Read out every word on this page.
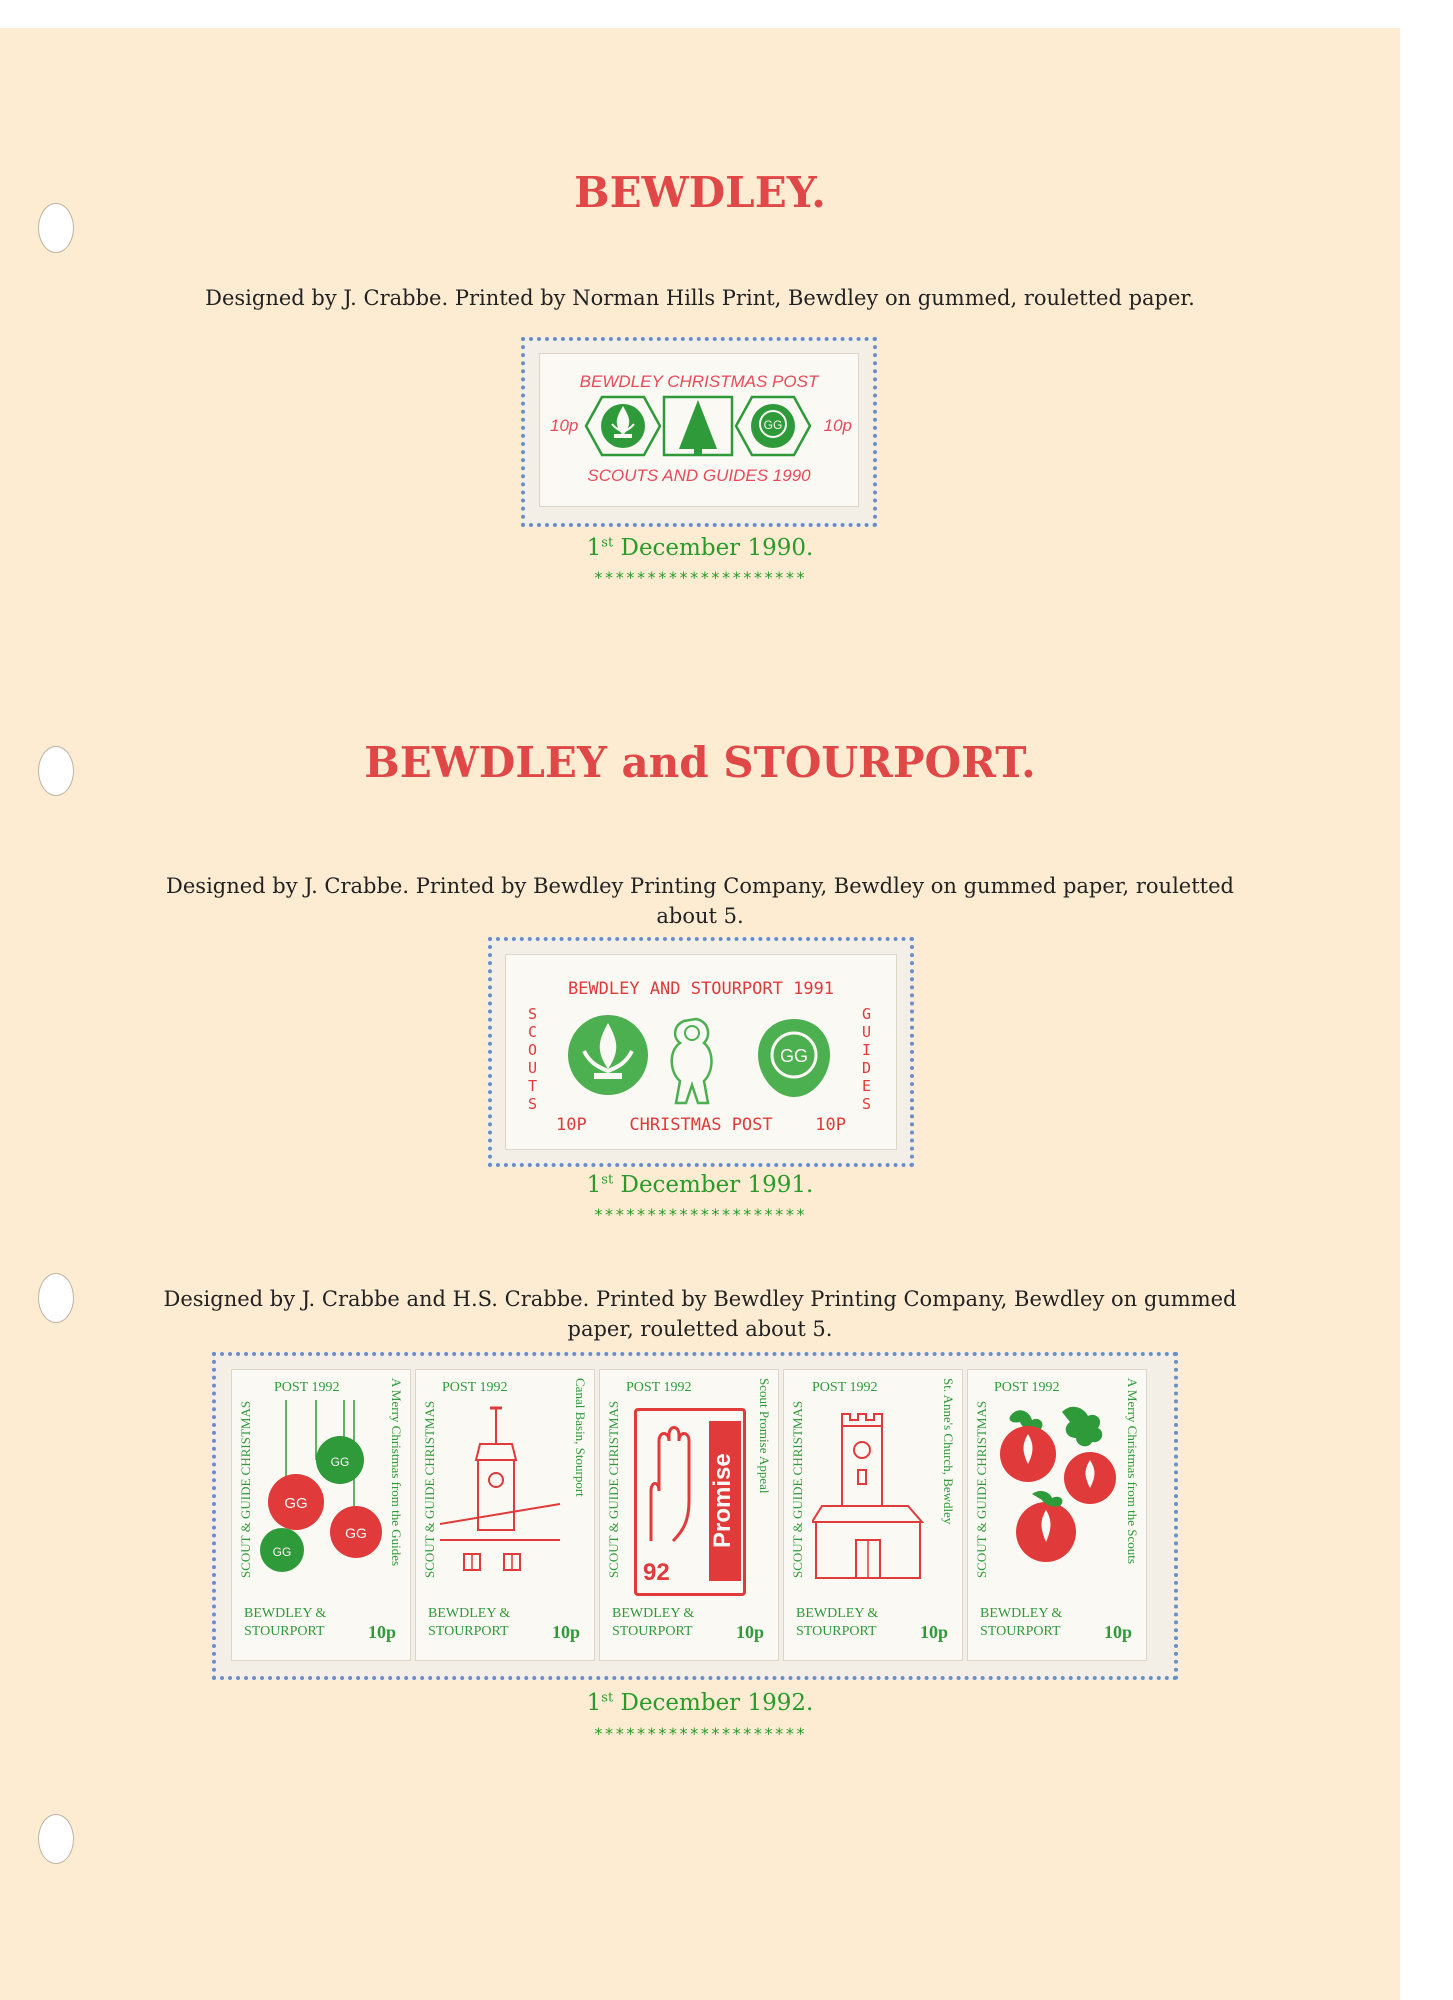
BEWDLEY.
Designed by J. Crabbe. Printed by Norman Hills Print, Bewdley on gummed, rouletted paper.
BEWDLEY CHRISTMAS POST
10p	10p
GG
SCOUTS AND GUIDES 1990
1st December 1990.
********************
BEWDLEY and STOURPORT.
Designed by J. Crabbe. Printed by Bewdley Printing Company, Bewdley on gummed paper, rouletted about 5.
BEWDLEY AND STOURPORT 1991
SCOUTS
GUIDES
GG
10P	CHRISTMAS POST	10P
1st December 1991.
********************
Designed by J. Crabbe and H.S. Crabbe. Printed by Bewdley Printing Company, Bewdley on gummed paper, rouletted about 5.
POST 1992
SCOUT & GUIDE CHRISTMAS	A Merry Christmas from the Guides
GG
GG
GG
GG
BEWDLEY &
STOURPORT 10p
POST 1992
SCOUT & GUIDE CHRISTMAS	Canal Basin, Stourport
BEWDLEY &
STOURPORT 10p
POST 1992
SCOUT & GUIDE CHRISTMAS	Scout Promise Appeal
Promise
92
BEWDLEY &
STOURPORT 10p
POST 1992
SCOUT & GUIDE CHRISTMAS	St. Anne's Church, Bewdley
BEWDLEY &
STOURPORT 10p
POST 1992
SCOUT & GUIDE CHRISTMAS	A Merry Christmas from the Scouts
BEWDLEY &
STOURPORT 10p
1st December 1992.
********************
